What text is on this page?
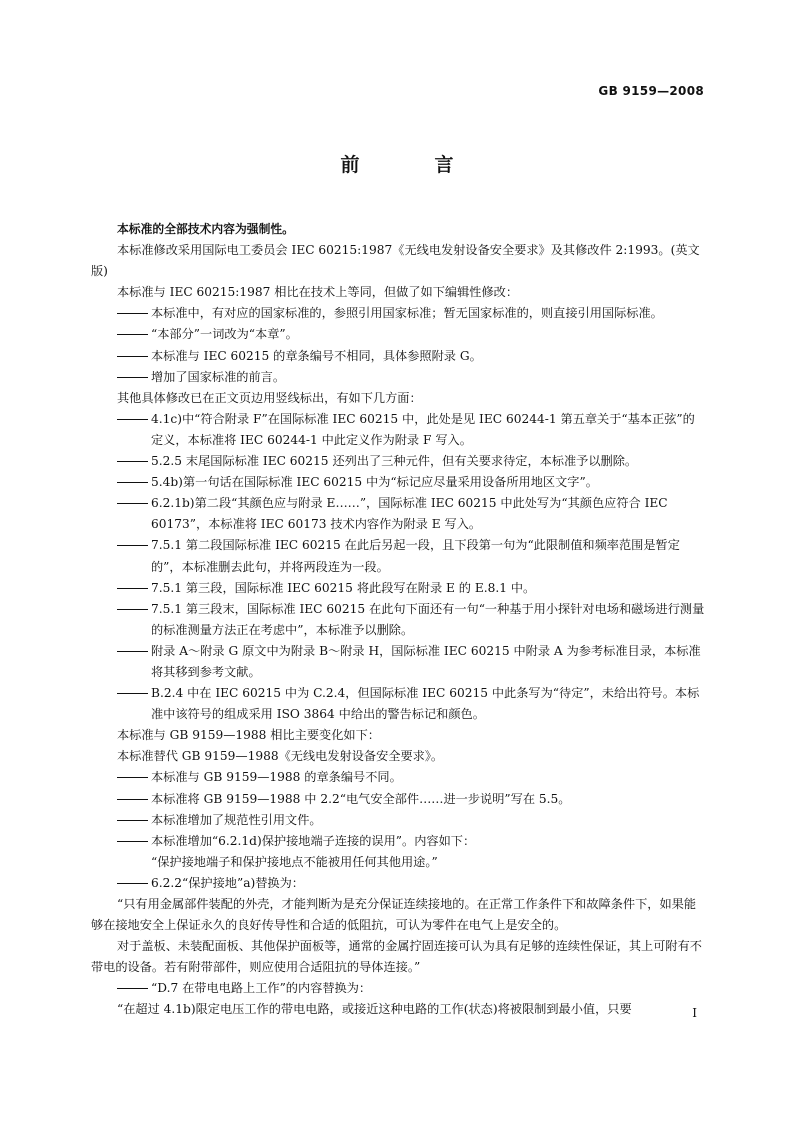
GB 9159—2008
前　言
本标准的全部技术内容为强制性。
本标准修改采用国际电工委员会 IEC 60215:1987《无线电发射设备安全要求》及其修改件 2:1993。(英文版)
本标准与 IEC 60215:1987 相比在技术上等同，但做了如下编辑性修改：
本标准中，有对应的国家标准的，参照引用国家标准；暂无国家标准的，则直接引用国际标准。
“本部分”一词改为“本章”。
本标准与 IEC 60215 的章条编号不相同，具体参照附录 G。
增加了国家标准的前言。
其他具体修改已在正文页边用竖线标出，有如下几方面：
4.1c)中“符合附录 F”在国际标准 IEC 60215 中，此处是见 IEC 60244-1 第五章关于“基本正弦”的定义，本标准将 IEC 60244-1 中此定义作为附录 F 写入。
5.2.5 末尾国际标准 IEC 60215 还列出了三种元件，但有关要求待定，本标准予以删除。
5.4b)第一句话在国际标准 IEC 60215 中为“标记应尽量采用设备所用地区文字”。
6.2.1b)第二段“其颜色应与附录 E……”，国际标准 IEC 60215 中此处写为“其颜色应符合 IEC 60173”，本标准将 IEC 60173 技术内容作为附录 E 写入。
7.5.1 第二段国际标准 IEC 60215 在此后另起一段，且下段第一句为“此限制值和频率范围是暂定的”，本标准删去此句，并将两段连为一段。
7.5.1 第三段，国际标准 IEC 60215 将此段写在附录 E 的 E.8.1 中。
7.5.1 第三段末，国际标准 IEC 60215 在此句下面还有一句“一种基于用小探针对电场和磁场进行测量的标准测量方法正在考虑中”，本标准予以删除。
附录 A～附录 G 原文中为附录 B～附录 H，国际标准 IEC 60215 中附录 A 为参考标准目录，本标准将其移到参考文献。
B.2.4 中在 IEC 60215 中为 C.2.4，但国际标准 IEC 60215 中此条写为“待定”，未给出符号。本标准中该符号的组成采用 ISO 3864 中给出的警告标记和颜色。
本标准与 GB 9159—1988 相比主要变化如下：
本标准替代 GB 9159—1988《无线电发射设备安全要求》。
本标准与 GB 9159—1988 的章条编号不同。
本标准将 GB 9159—1988 中 2.2“电气安全部件……进一步说明”写在 5.5。
本标准增加了规范性引用文件。
本标准增加“6.2.1d)保护接地端子连接的误用”。内容如下：
“保护接地端子和保护接地点不能被用任何其他用途。”
6.2.2“保护接地”a)替换为：
“只有用金属部件装配的外壳，才能判断为是充分保证连续接地的。在正常工作条件下和故障条件下，如果能够在接地安全上保证永久的良好传导性和合适的低阻抗，可认为零件在电气上是安全的。
对于盖板、未装配面板、其他保护面板等，通常的金属拧固连接可认为具有足够的连续性保证，其上可附有不带电的设备。若有附带部件，则应使用合适阻抗的导体连接。”
“D.7 在带电电路上工作”的内容替换为：
“在超过 4.1b)限定电压工作的带电电路，或接近这种电路的工作(状态)将被限制到最小值，只要	I
